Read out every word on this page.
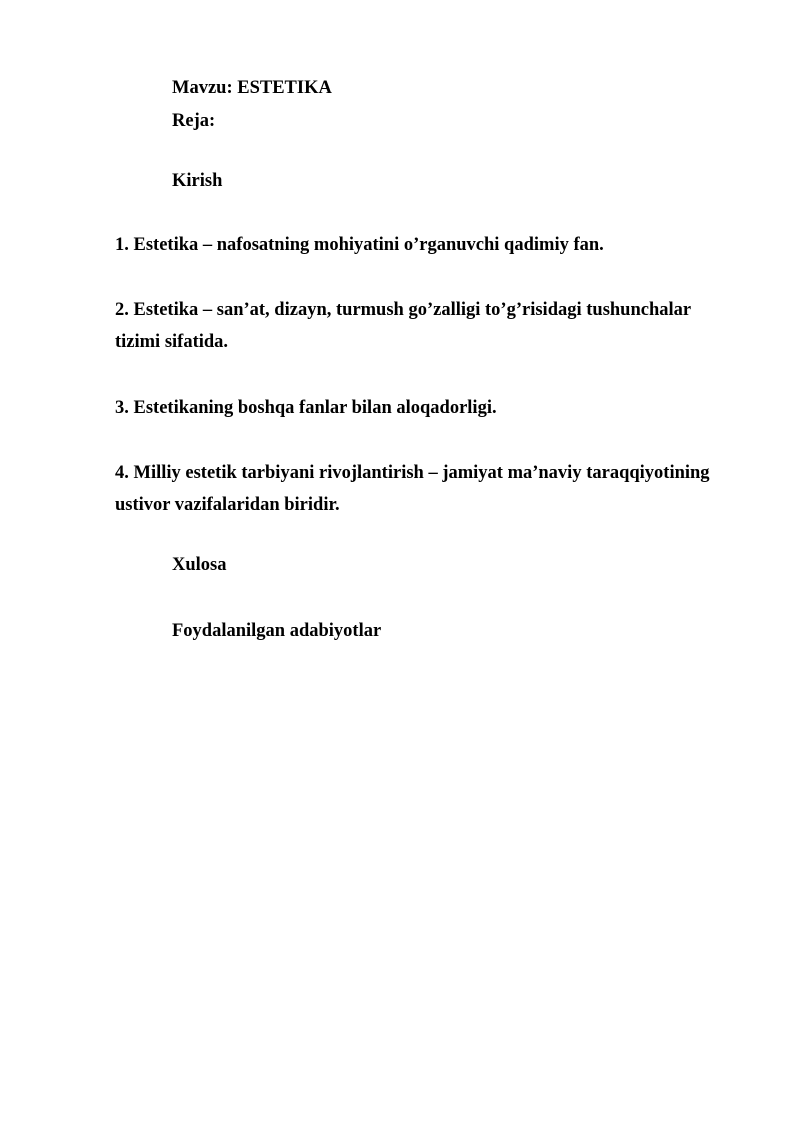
Mavzu: ESTETIKA

Reja:

Kirish

1. Estetika – nafosatning mohiyatini o’rganuvchi qadimiy fan.

2. Estetika – san’at, dizayn, turmush go’zalligi to’g’risidagi tushunchalar

tizimi sifatida.

3. Estetikaning boshqa fanlar bilan aloqadorligi.

4. Milliy estetik tarbiyani rivojlantirish – jamiyat ma’naviy taraqqiyotining

ustivor vazifalaridan biridir.

Xulosa

Foydalanilgan adabiyotlar
